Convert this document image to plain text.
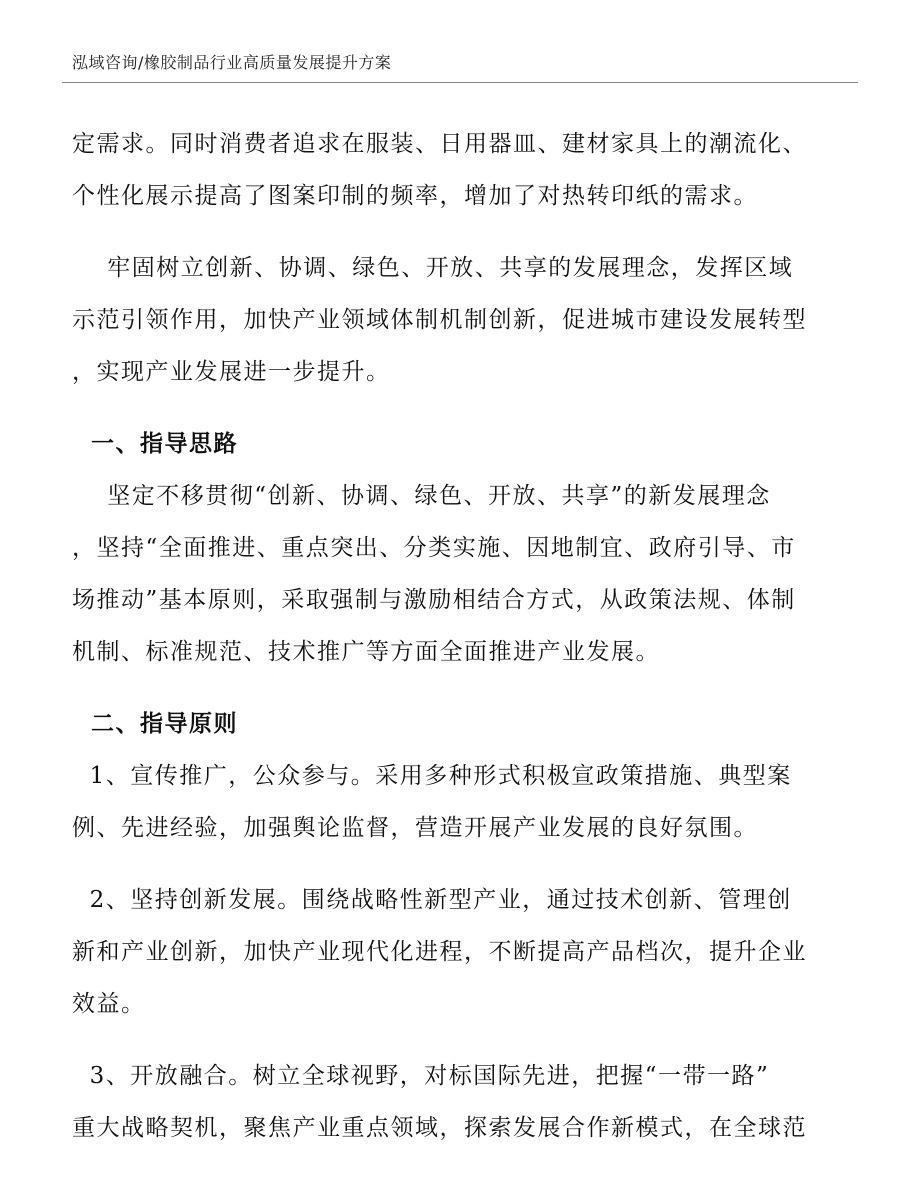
泓域咨询/橡胶制品行业高质量发展提升方案
定需求。同时消费者追求在服装、日用器皿、建材家具上的潮流化、
个性化展示提高了图案印制的频率，增加了对热转印纸的需求。
牢固树立创新、协调、绿色、开放、共享的发展理念，发挥区域
示范引领作用，加快产业领域体制机制创新，促进城市建设发展转型
，实现产业发展进一步提升。
一、指导思路
坚定不移贯彻“创新、协调、绿色、开放、共享”的新发展理念
，坚持“全面推进、重点突出、分类实施、因地制宜、政府引导、市
场推动”基本原则，采取强制与激励相结合方式，从政策法规、体制
机制、标准规范、技术推广等方面全面推进产业发展。
二、指导原则
1、宣传推广，公众参与。采用多种形式积极宣政策措施、典型案
例、先进经验，加强舆论监督，营造开展产业发展的良好氛围。
2、坚持创新发展。围绕战略性新型产业，通过技术创新、管理创
新和产业创新，加快产业现代化进程，不断提高产品档次，提升企业
效益。
3、开放融合。树立全球视野，对标国际先进，把握“一带一路”
重大战略契机，聚焦产业重点领域，探索发展合作新模式，在全球范
